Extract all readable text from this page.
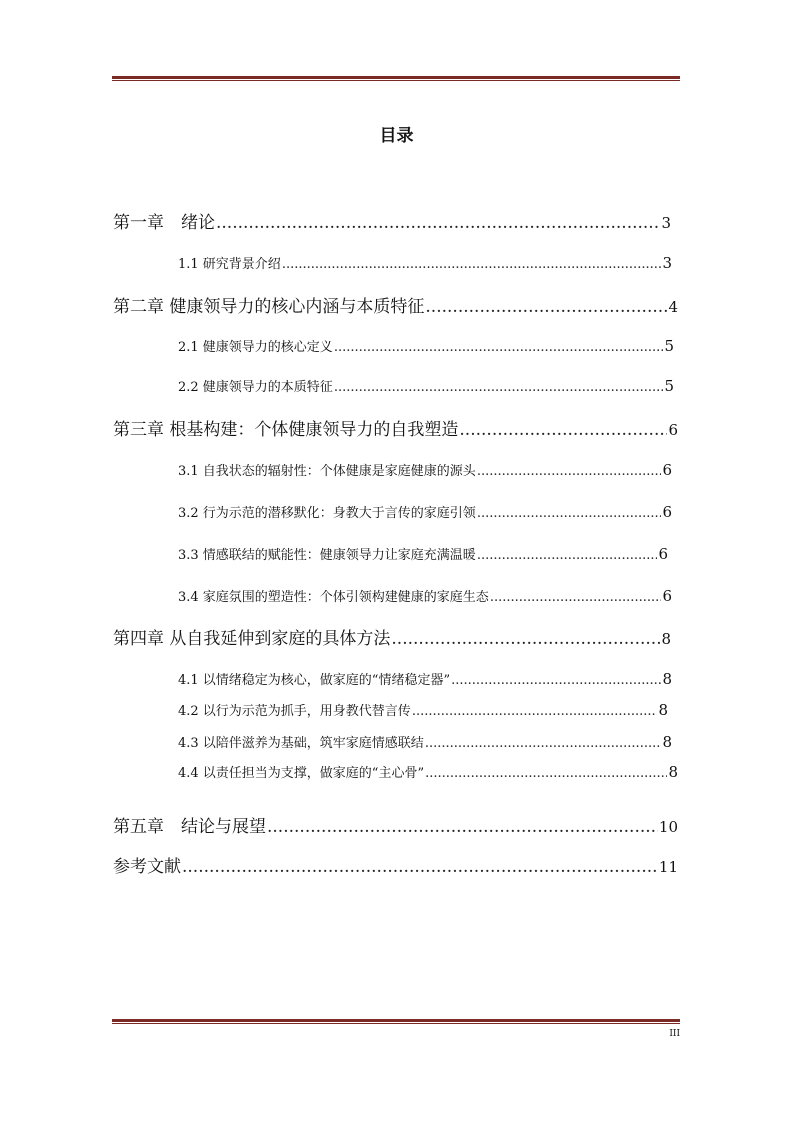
目录
第一章　绪论 .....	3
1.1 研究背景介绍 .....	3
第二章 健康领导力的核心内涵与本质特征 .....	4
2.1 健康领导力的核心定义 .....	5
2.2 健康领导力的本质特征 .....	5
第三章 根基构建：个体健康领导力的自我塑造 .....	6
3.1 自我状态的辐射性：个体健康是家庭健康的源头 .....	6
3.2 行为示范的潜移默化：身教大于言传的家庭引领 .....	6
3.3 情感联结的赋能性：健康领导力让家庭充满温暖 .....	6
3.4 家庭氛围的塑造性：个体引领构建健康的家庭生态 .....	6
第四章 从自我延伸到家庭的具体方法 .....	8
4.1 以情绪稳定为核心，做家庭的“情绪稳定器” .....	8
4.2 以行为示范为抓手，用身教代替言传 .....	8
4.3 以陪伴滋养为基础，筑牢家庭情感联结 .....	8
4.4 以责任担当为支撑，做家庭的“主心骨” .....	8
第五章　结论与展望 .....	10
参考文献 .....	11
III
